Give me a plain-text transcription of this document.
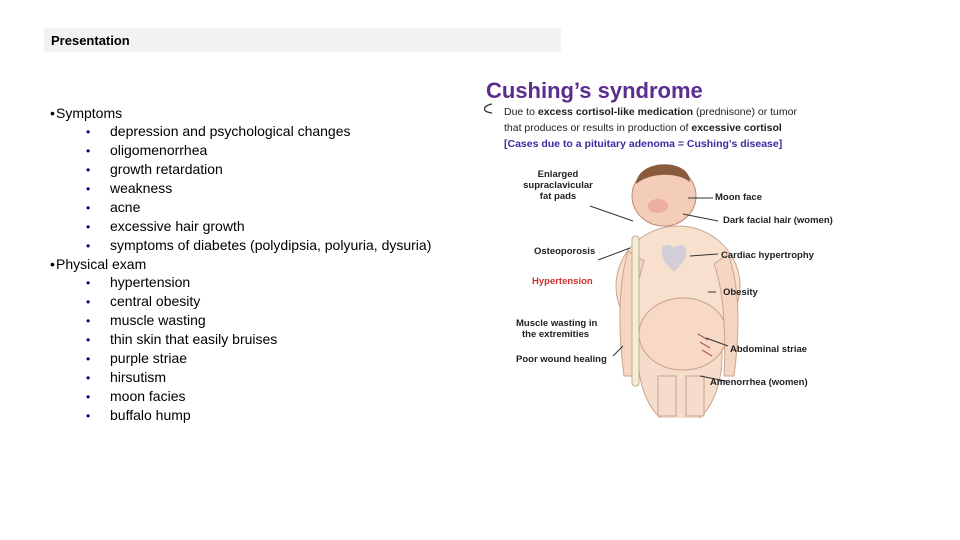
Presentation
•Symptoms
• depression and psychological changes
• oligomenorrhea
• growth retardation
• weakness
• acne
• excessive hair growth
• symptoms of diabetes (polydipsia, polyuria, dysuria)
•Physical exam
• hypertension
• central obesity
• muscle wasting
• thin skin that easily bruises
• purple striae
• hirsutism
• moon facies
• buffalo hump
Cushing’s syndrome
Due to excess cortisol-like medication (prednisone) or tumor
that produces or results in production of excessive cortisol
[Cases due to a pituitary adenoma = Cushing’s disease]
Enlarged
supraclavicular
fat pads
Osteoporosis
Hypertension
Muscle wasting in
the extremities
Poor wound healing
Moon face
Dark facial hair (women)
Cardiac hypertrophy
Obesity
Abdominal striae
Amenorrhea (women)
